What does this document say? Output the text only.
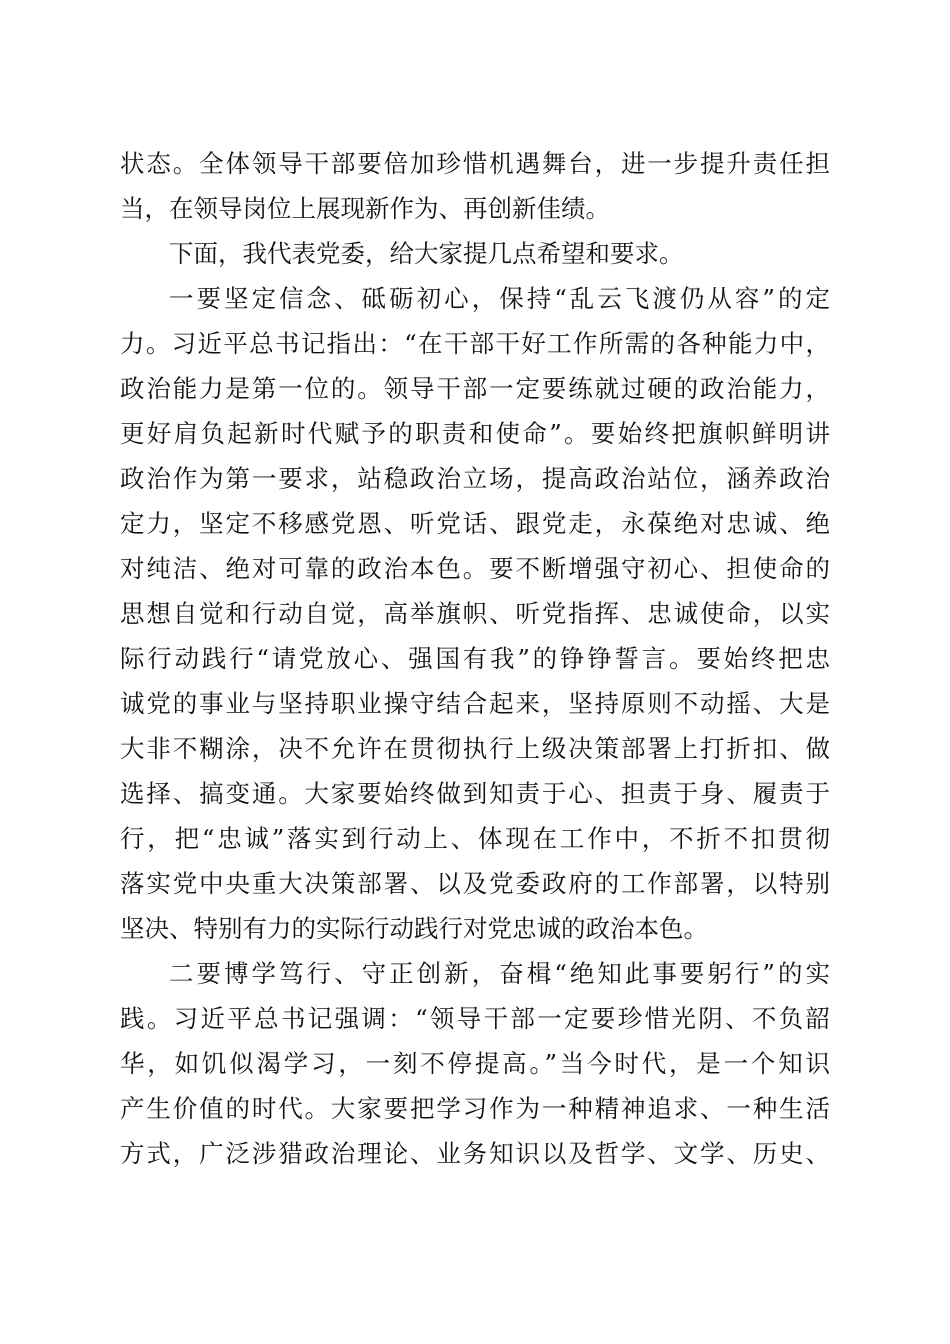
状态。全体领导干部要倍加珍惜机遇舞台，进一步提升责任担
当，在领导岗位上展现新作为、再创新佳绩。
下面，我代表党委，给大家提几点希望和要求。
一要坚定信念、砥砺初心，保持“乱云飞渡仍从容”的定
力。习近平总书记指出：“在干部干好工作所需的各种能力中，
政治能力是第一位的。领导干部一定要练就过硬的政治能力，
更好肩负起新时代赋予的职责和使命”。要始终把旗帜鲜明讲
政治作为第一要求，站稳政治立场，提高政治站位，涵养政治
定力，坚定不移感党恩、听党话、跟党走，永葆绝对忠诚、绝
对纯洁、绝对可靠的政治本色。要不断增强守初心、担使命的
思想自觉和行动自觉，高举旗帜、听党指挥、忠诚使命，以实
际行动践行“请党放心、强国有我”的铮铮誓言。要始终把忠
诚党的事业与坚持职业操守结合起来，坚持原则不动摇、大是
大非不糊涂，决不允许在贯彻执行上级决策部署上打折扣、做
选择、搞变通。大家要始终做到知责于心、担责于身、履责于
行，把“忠诚”落实到行动上、体现在工作中，不折不扣贯彻
落实党中央重大决策部署、以及党委政府的工作部署，以特别
坚决、特别有力的实际行动践行对党忠诚的政治本色。
二要博学笃行、守正创新，奋楫“绝知此事要躬行”的实
践。习近平总书记强调：“领导干部一定要珍惜光阴、不负韶
华，如饥似渴学习，一刻不停提高。”当今时代，是一个知识
产生价值的时代。大家要把学习作为一种精神追求、一种生活
方式，广泛涉猎政治理论、业务知识以及哲学、文学、历史、
